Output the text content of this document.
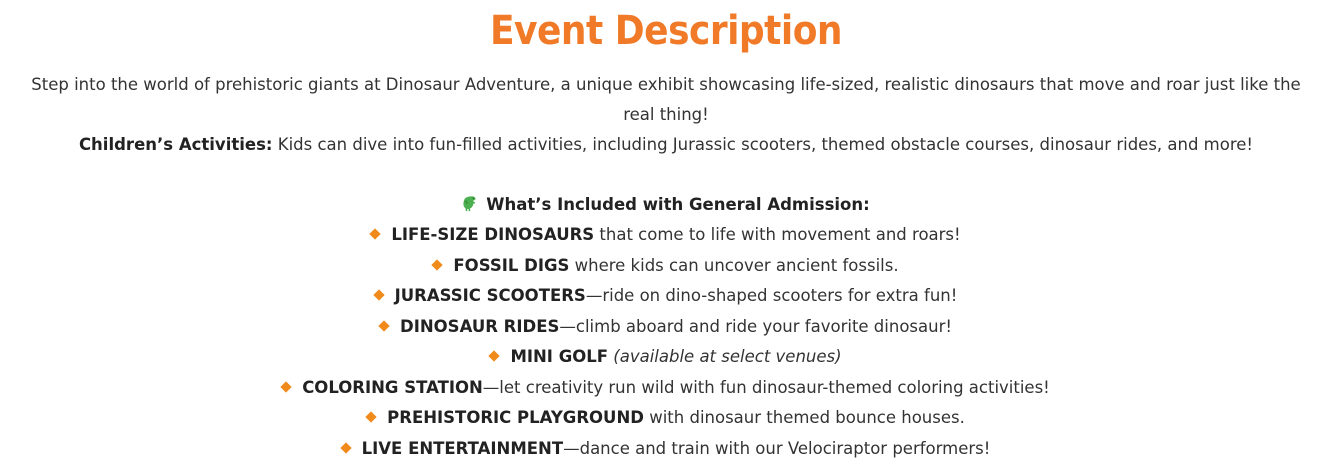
Event Description

Step into the world of prehistoric giants at Dinosaur Adventure, a unique exhibit showcasing life-sized, realistic dinosaurs that move and roar just like the real thing!

Children’s Activities: Kids can dive into fun-filled activities, including Jurassic scooters, themed obstacle courses, dinosaur rides, and more!

What’s Included with General Admission:

LIFE-SIZE DINOSAURS that come to life with movement and roars!
FOSSIL DIGS where kids can uncover ancient fossils.
JURASSIC SCOOTERS—ride on dino-shaped scooters for extra fun!
DINOSAUR RIDES—climb aboard and ride your favorite dinosaur!
MINI GOLF (available at select venues)
COLORING STATION—let creativity run wild with fun dinosaur-themed coloring activities!
PREHISTORIC PLAYGROUND with dinosaur themed bounce houses.
LIVE ENTERTAINMENT—dance and train with our Velociraptor performers!
